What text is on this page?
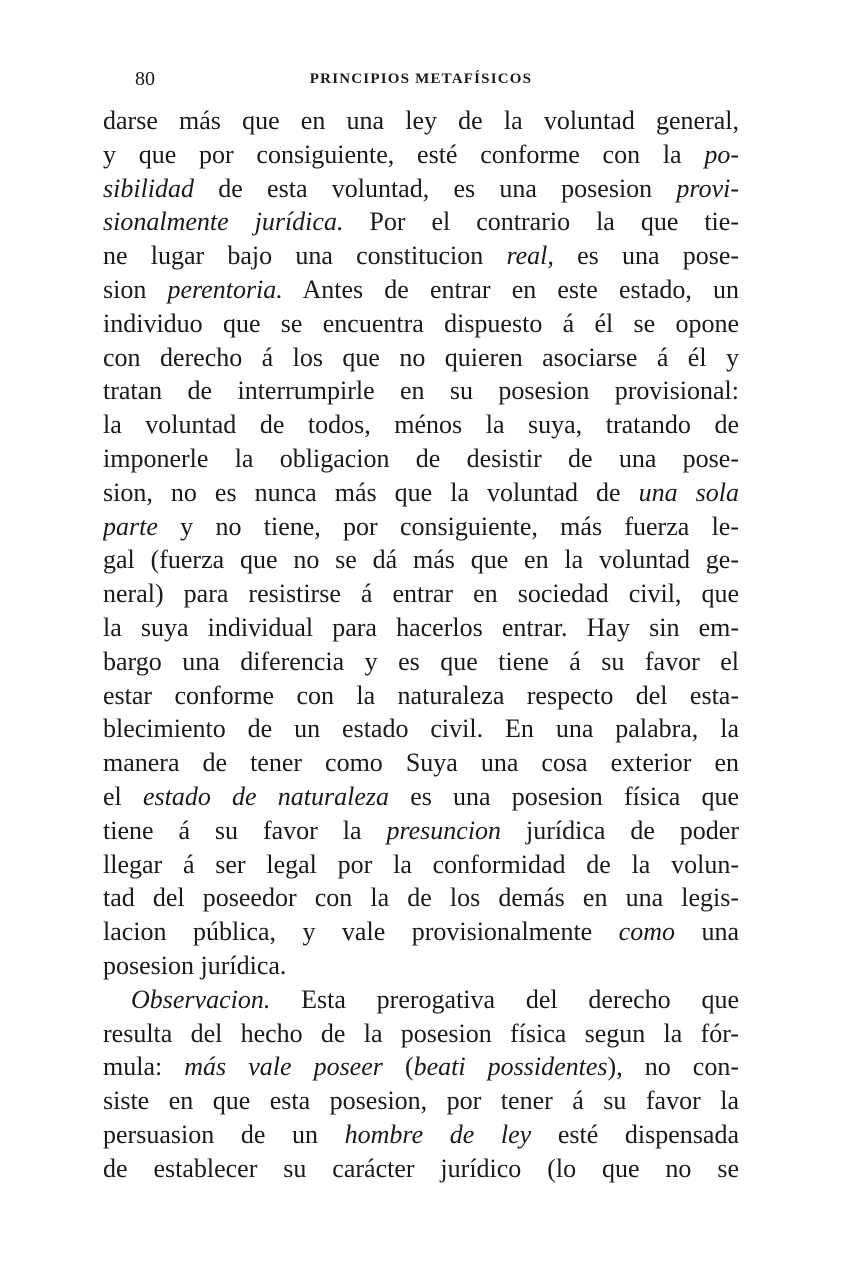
80	PRINCIPIOS METAFÍSICOS
darse más que en una ley de la voluntad general,
y que por consiguiente, esté conforme con la po-
sibilidad de esta voluntad, es una posesion provi-
sionalmente jurídica. Por el contrario la que tie-
ne lugar bajo una constitucion real, es una pose-
sion perentoria. Antes de entrar en este estado, un
individuo que se encuentra dispuesto á él se opone
con derecho á los que no quieren asociarse á él y
tratan de interrumpirle en su posesion provisional:
la voluntad de todos, ménos la suya, tratando de
imponerle la obligacion de desistir de una pose-
sion, no es nunca más que la voluntad de una sola
parte y no tiene, por consiguiente, más fuerza le-
gal (fuerza que no se dá más que en la voluntad ge-
neral) para resistirse á entrar en sociedad civil, que
la suya individual para hacerlos entrar. Hay sin em-
bargo una diferencia y es que tiene á su favor el
estar conforme con la naturaleza respecto del esta-
blecimiento de un estado civil. En una palabra, la
manera de tener como Suya una cosa exterior en
el estado de naturaleza es una posesion física que
tiene á su favor la presuncion jurídica de poder
llegar á ser legal por la conformidad de la volun-
tad del poseedor con la de los demás en una legis-
lacion pública, y vale provisionalmente como una
posesion jurídica.
Observacion. Esta prerogativa del derecho que
resulta del hecho de la posesion física segun la fór-
mula: más vale poseer (beati possidentes), no con-
siste en que esta posesion, por tener á su favor la
persuasion de un hombre de ley esté dispensada
de establecer su carácter jurídico (lo que no se
